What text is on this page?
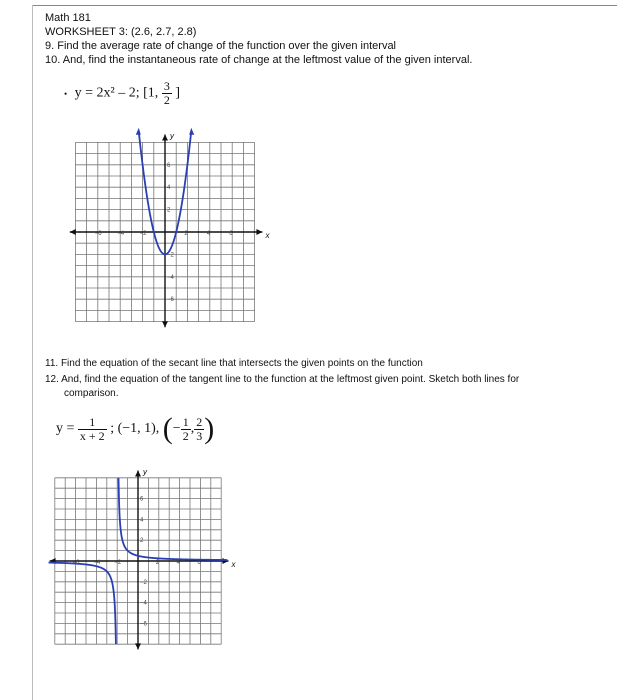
Math 181
WORKSHEET 3: (2.6, 2.7, 2.8)
9. Find the average rate of change of the function over the given interval
10. And, find the instantaneous rate of change at the leftmost value of the given interval.
• y = 2x² – 2; [1, $\frac{3}{2}$ ]
x
y
−6	−4	−2	2	4	6
6
4
2
−2
−4
−6
11. Find the equation of the secant line that intersects the given points on the function
12. And, find the equation of the tangent line to the function at the leftmost given point. Sketch both lines for
comparison.
$y = \frac{1}{x + 2}$ ; (−1, 1), (− $\frac{1}{2}$ , $\frac{2}{3}$ )
x
y
−6 −4 −2	2	4	6
6
4
2
−2
−4
−6
